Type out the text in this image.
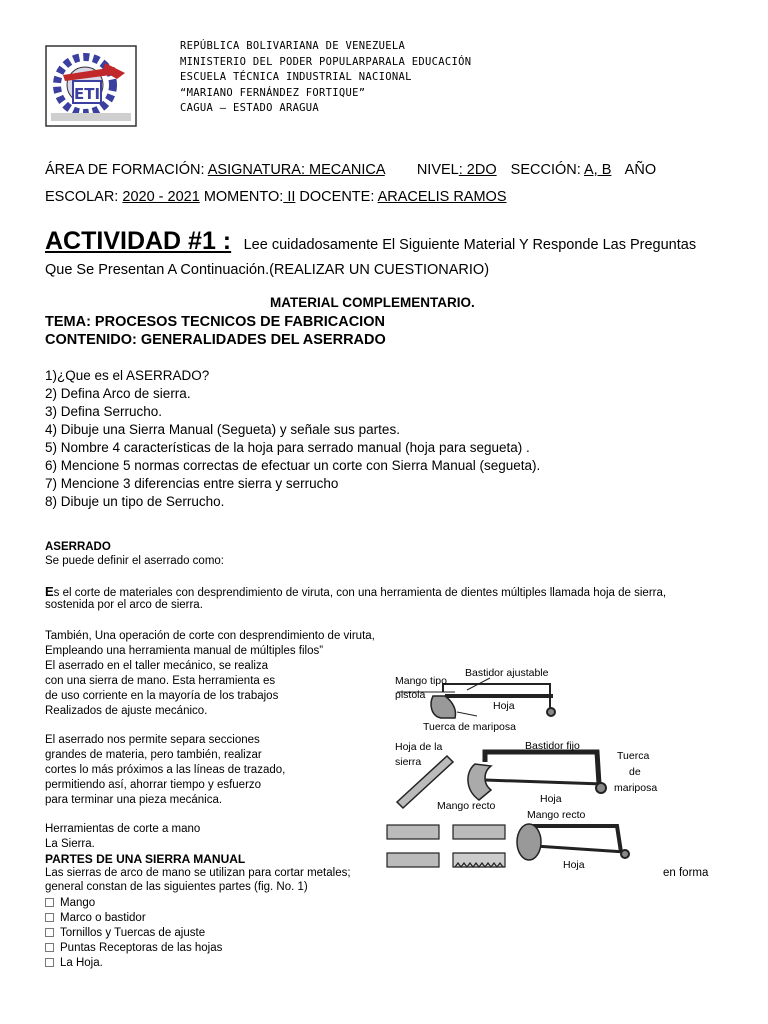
ETI
REPÚBLICA BOLIVARIANA DE VENEZUELA
MINISTERIO DEL PODER POPULARPARALA EDUCACIÓN
ESCUELA TÉCNICA INDUSTRIAL NACIONAL
“MARIANO FERNÁNDEZ FORTIQUE”
CAGUA – ESTADO ARAGUA
ÁREA DE FORMACIÓN: ASIGNATURA: MECANICA NIVEL: 2DO SECCIÓN: A, B AÑO
ESCOLAR: 2020 - 2021 MOMENTO: II DOCENTE: ARACELIS RAMOS
ACTIVIDAD #1 : Lee cuidadosamente El Siguiente Material Y Responde Las Preguntas
Que Se Presentan A Continuación.(REALIZAR UN CUESTIONARIO)
MATERIAL COMPLEMENTARIO.
TEMA: PROCESOS TECNICOS DE FABRICACION
CONTENIDO: GENERALIDADES DEL ASERRADO
1)¿Que es el ASERRADO?
2) Defina Arco de sierra.
3) Defina Serrucho.
4) Dibuje una Sierra Manual (Segueta) y señale sus partes.
5) Nombre 4 características de la hoja para serrado manual (hoja para segueta) .
6) Mencione 5 normas correctas de efectuar un corte con Sierra Manual (segueta).
7) Mencione 3 diferencias entre sierra y serrucho
8) Dibuje un tipo de Serrucho.
ASERRADO
Se puede definir el aserrado como:
Es el corte de materiales con desprendimiento de viruta, con una herramienta de dientes múltiples llamada hoja de sierra,
sostenida por el arco de sierra.
También, Una operación de corte con desprendimiento de viruta,
Empleando una herramienta manual de múltiples filos”
El aserrado en el taller mecánico, se realiza
con una sierra de mano. Esta herramienta es
de uso corriente en la mayoría de los trabajos
Realizados de ajuste mecánico.
El aserrado nos permite separa secciones
grandes de materia, pero también, realizar
cortes lo más próximos a las líneas de trazado,
permitiendo así, ahorrar tiempo y esfuerzo
para terminar una pieza mecánica.
Herramientas de corte a mano
La Sierra.
PARTES DE UNA SIERRA MANUAL
Las sierras de arco de mano se utilizan para cortar metales;	en forma
general constan de las siguientes partes (fig. No. 1)
Mango
Marco o bastidor
Tornillos y Tuercas de ajuste
Puntas Receptoras de las hojas
La Hoja.
Mango tipo
pistola
Bastidor ajustable
Hoja
Tuerca de mariposa
Hoja de la
sierra
Bastidor fijo
Tuerca
de
mariposa
Mango recto
Hoja
Mango recto
Hoja
